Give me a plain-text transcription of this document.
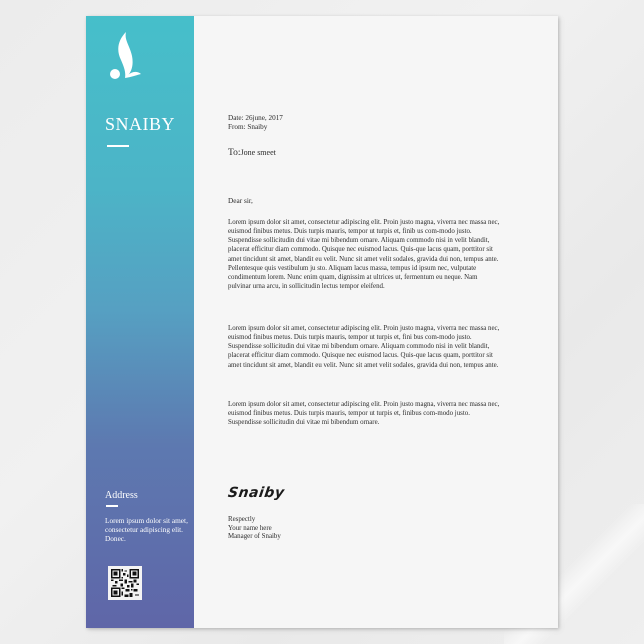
SNAIBY
Address
Lorem ipsum dolor sit amet, consectetur adipiscing elit. Donec.
Date: 26june, 2017
From: Snaiby
To:Jone smeet
Dear sir,
Lorem ipsum dolor sit amet, consectetur adipiscing elit. Proin justo magna, viverra nec massa nec, euismod finibus metus. Duis turpis mauris, tempor ut turpis et, finib us com-modo justo. Suspendisse sollicitudin dui vitae mi bibendum ornare. Aliquam commodo nisi in velit blandit, placerat efficitur diam commodo. Quisque nec euismod lacus. Quis-que lacus quam, porttitor sit amet tincidunt sit amet, blandit eu velit. Nunc sit amet velit sodales, gravida dui non, tempus ante. Pellentesque quis vestibulum ju sto. Aliquam lacus massa, tempus id ipsum nec, vulputate condimentum lorem. Nunc enim quam, dignissim at ultrices ut, fermentum eu neque. Nam pulvinar urna arcu, in sollicitudin lectus tempor eleifend.
Lorem ipsum dolor sit amet, consectetur adipiscing elit. Proin justo magna, viverra nec massa nec, euismod finibus metus. Duis turpis mauris, tempor ut turpis et, fini bus com-modo justo. Suspendisse sollicitudin dui vitae mi bibendum ornare. Aliquam commodo nisi in velit blandit, placerat efficitur diam commodo. Quisque nec euismod lacus. Quis-que lacus quam, porttitor sit amet tincidunt sit amet, blandit eu velit. Nunc sit amet velit sodales, gravida dui non, tempus ante.
Lorem ipsum dolor sit amet, consectetur adipiscing elit. Proin justo magna, viverra nec massa nec, euismod finibus metus. Duis turpis mauris, tempor ut turpis et, finibus com-modo justo. Suspendisse sollicitudin dui vitae mi bibendum ornare.
Snaiby
Respectly
Your name here
Manager of Snaiby
